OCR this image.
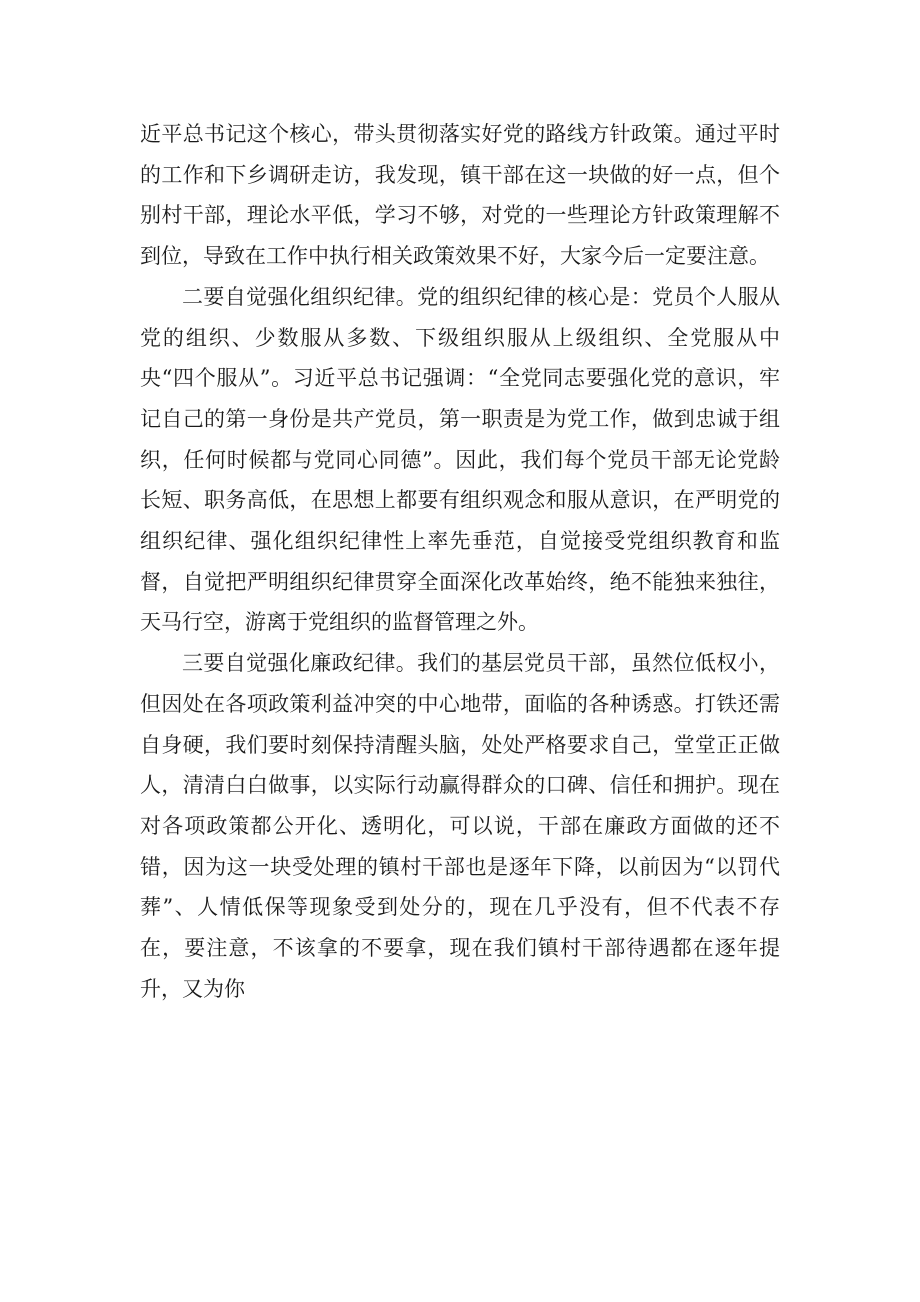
近平总书记这个核心，带头贯彻落实好党的路线方针政策。通过平时的工作和下乡调研走访，我发现，镇干部在这一块做的好一点，但个别村干部，理论水平低，学习不够，对党的一些理论方针政策理解不到位，导致在工作中执行相关政策效果不好，大家今后一定要注意。

二要自觉强化组织纪律。党的组织纪律的核心是：党员个人服从党的组织、少数服从多数、下级组织服从上级组织、全党服从中央“四个服从”。习近平总书记强调：“全党同志要强化党的意识，牢记自己的第一身份是共产党员，第一职责是为党工作，做到忠诚于组织，任何时候都与党同心同德”。因此，我们每个党员干部无论党龄长短、职务高低，在思想上都要有组织观念和服从意识，在严明党的组织纪律、强化组织纪律性上率先垂范，自觉接受党组织教育和监督，自觉把严明组织纪律贯穿全面深化改革始终，绝不能独来独往，天马行空，游离于党组织的监督管理之外。

三要自觉强化廉政纪律。我们的基层党员干部，虽然位低权小，但因处在各项政策利益冲突的中心地带，面临的各种诱惑。打铁还需自身硬，我们要时刻保持清醒头脑，处处严格要求自己，堂堂正正做人，清清白白做事，以实际行动赢得群众的口碑、信任和拥护。现在对各项政策都公开化、透明化，可以说，干部在廉政方面做的还不错，因为这一块受处理的镇村干部也是逐年下降，以前因为“以罚代葬”、人情低保等现象受到处分的，现在几乎没有，但不代表不存在，要注意，不该拿的不要拿，现在我们镇村干部待遇都在逐年提升，又为你
